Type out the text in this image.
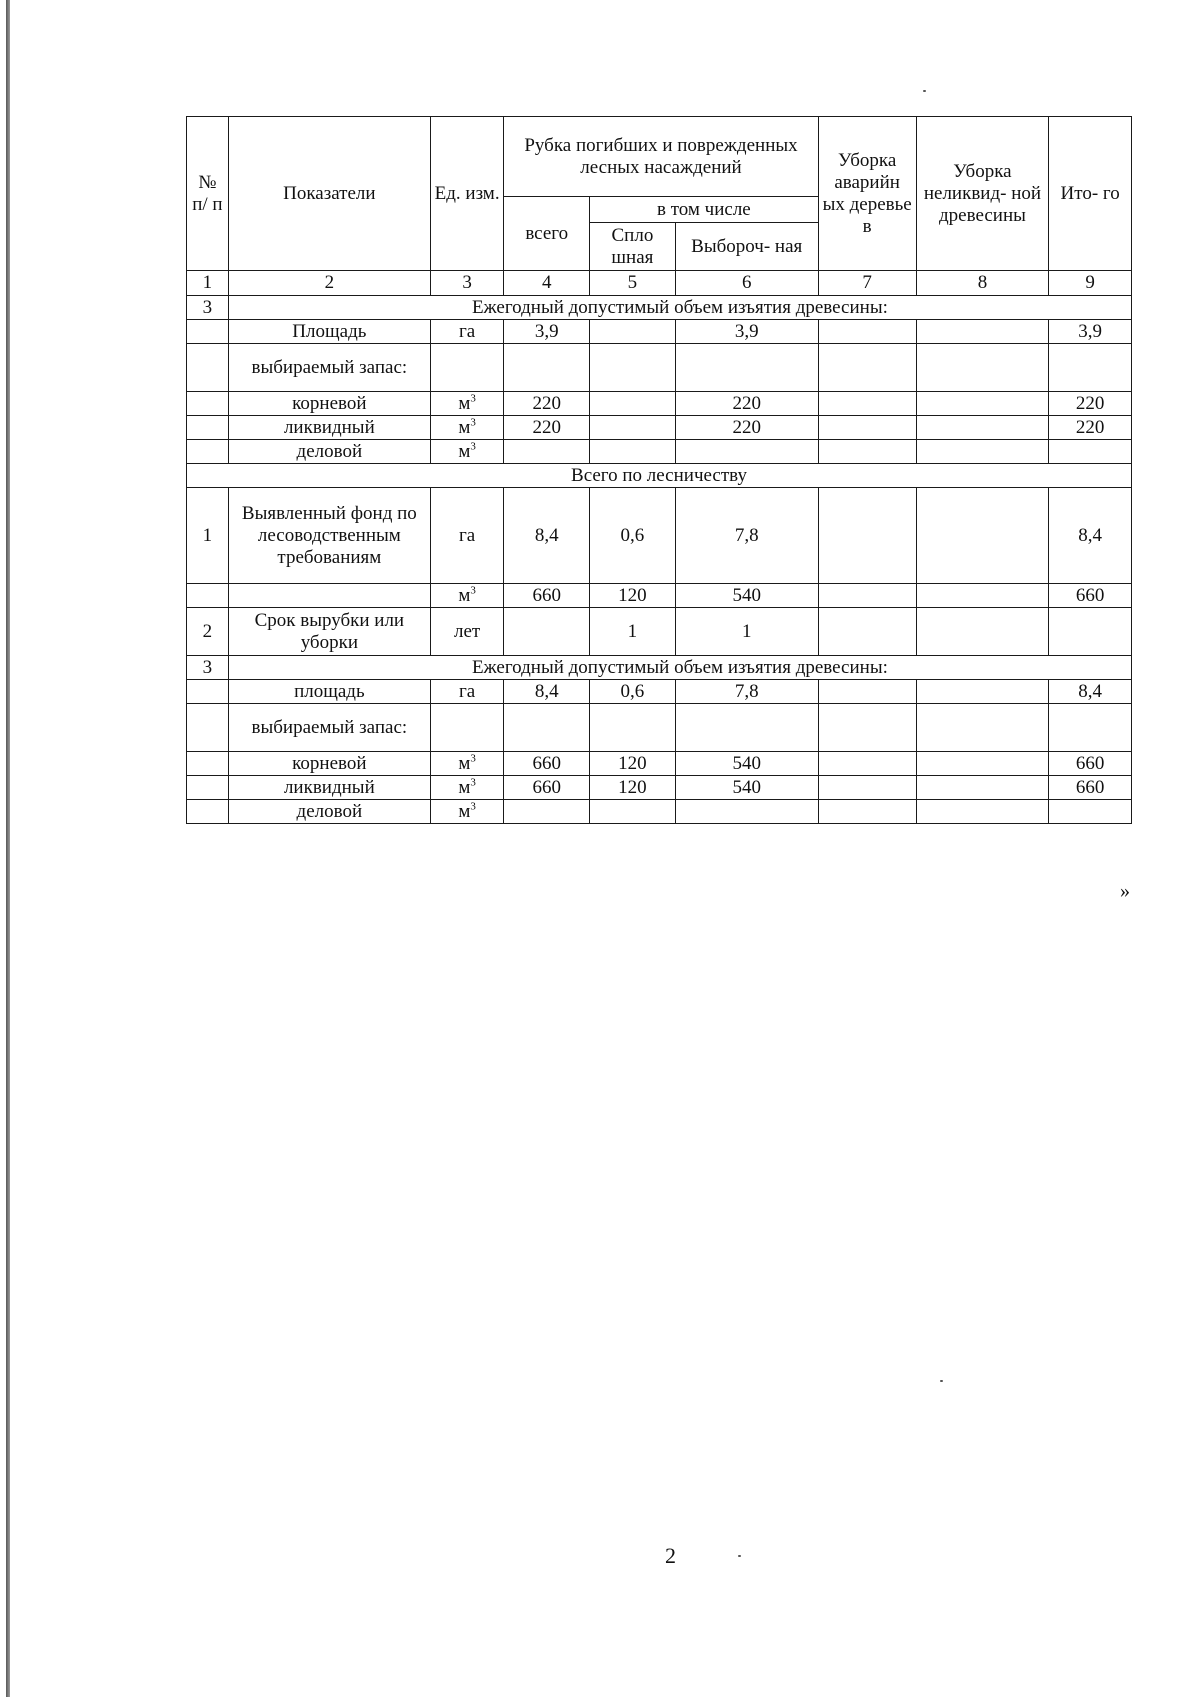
№ п/ п	Показатели	Ед. изм.	Рубка погибших и поврежденных лесных насаждений			Уборка аварийн ых деревье в	Уборка неликвид- ной древесины	Ито- го
			всего	в том числе				
				Спло шная	Выбороч- ная			
1	2	3	4	5	6	7	8	9
3	Ежегодный допустимый объем изъятия древесины:							
	Площадь	га	3,9		3,9			3,9
	выбираемый запас:							
	корневой	$м^3$	220		220			220
	ликвидный	$м^3$	220		220			220
	деловой	$м^3$						
Всего по лесничеству								
1	Выявленный фонд по лесоводственным требованиям	га	8,4	0,6	7,8			8,4
		$м^3$	660	120	540			660
2	Срок вырубки или уборки	лет		1	1			
3	Ежегодный допустимый объем изъятия древесины:							
	площадь	га	8,4	0,6	7,8			8,4
	выбираемый запас:							
	корневой	$м^3$	660	120	540			660
	ликвидный	$м^3$	660	120	540			660
	деловой	$м^3$						
»
2
